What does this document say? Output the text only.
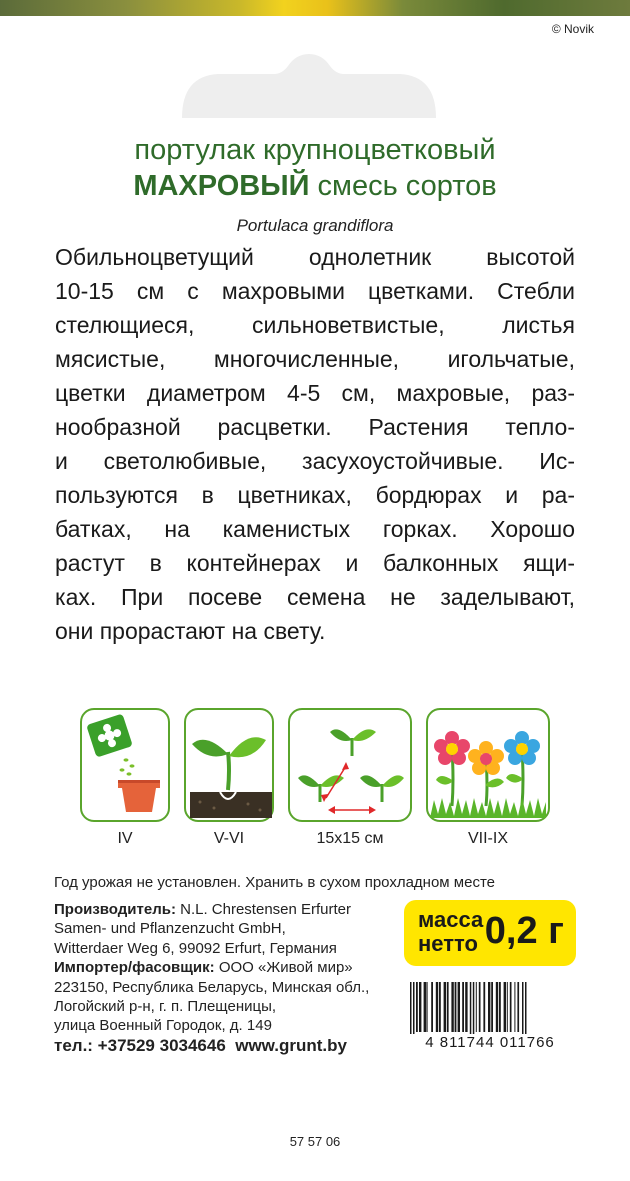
© Novik
портулак крупноцветковый
МАХРОВЫЙ смесь сортов
Portulaca grandiflora
Обильноцветущий однолетник высотой
10-15 см с махровыми цветками. Стебли
стелющиеся, сильноветвистые, листья
мясистые, многочисленные, игольчатые,
цветки диаметром 4-5 см, махровые, раз-
нообразной расцветки. Растения тепло-
и светолюбивые, засухоустойчивые. Ис-
пользуются в цветниках, бордюрах и ра-
батках, на каменистых горках. Хорошо
растут в контейнерах и балконных ящи-
ках. При посеве семена не заделывают,
они прорастают на свету.
IV	V-VI	15x15 см	VII-IX
Год урожая не установлен. Хранить в сухом прохладном месте
Производитель: N.L. Chrestensen Erfurter
Samen- und Pflanzenzucht GmbH,
Witterdaer Weg 6, 99092 Erfurt, Германия
Импортер/фасовщик: ООО «Живой мир»
223150, Республика Беларусь, Минская обл.,
Логойский р-н, г. п. Плещеницы,
улица Военный Городок, д. 149
тел.: +37529 3034646  www.grunt.by
масса
нетто 0,2 г
4 811744 011766
57 57 06
